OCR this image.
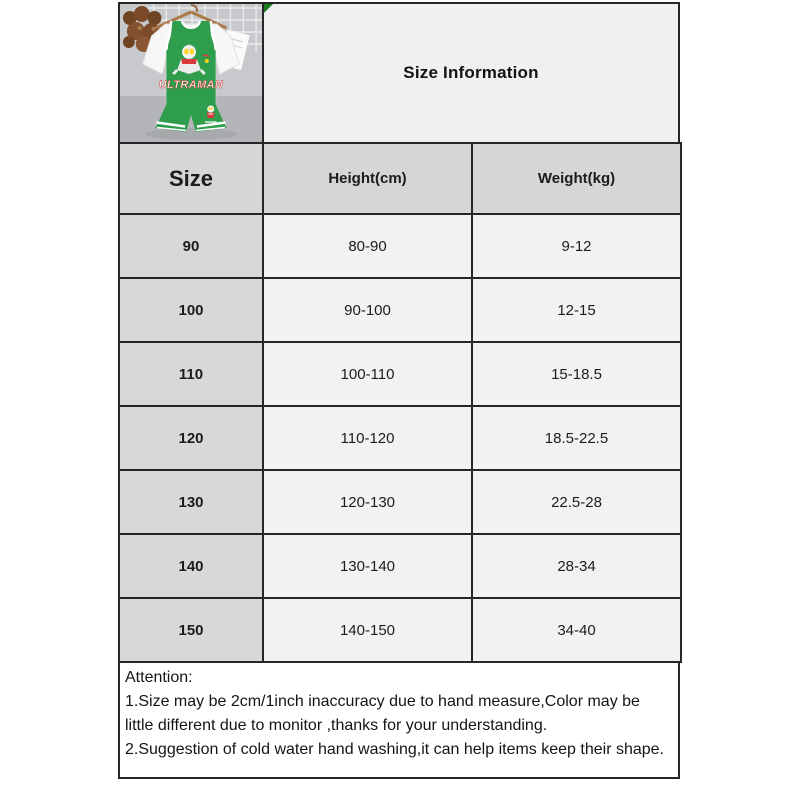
ULTRAMAN
Size Information
Size	Height(cm)	Weight(kg)
90	80-90	9-12
100	90-100	12-15
110	100-110	15-18.5
120	110-120	18.5-22.5
130	120-130	22.5-28
140	130-140	28-34
150	140-150	34-40
Attention:
1.Size may be 2cm/1inch inaccuracy due to hand measure,Color may be little different due to monitor ,thanks for your understanding.
2.Suggestion of cold water hand washing,it can help items keep their shape.
